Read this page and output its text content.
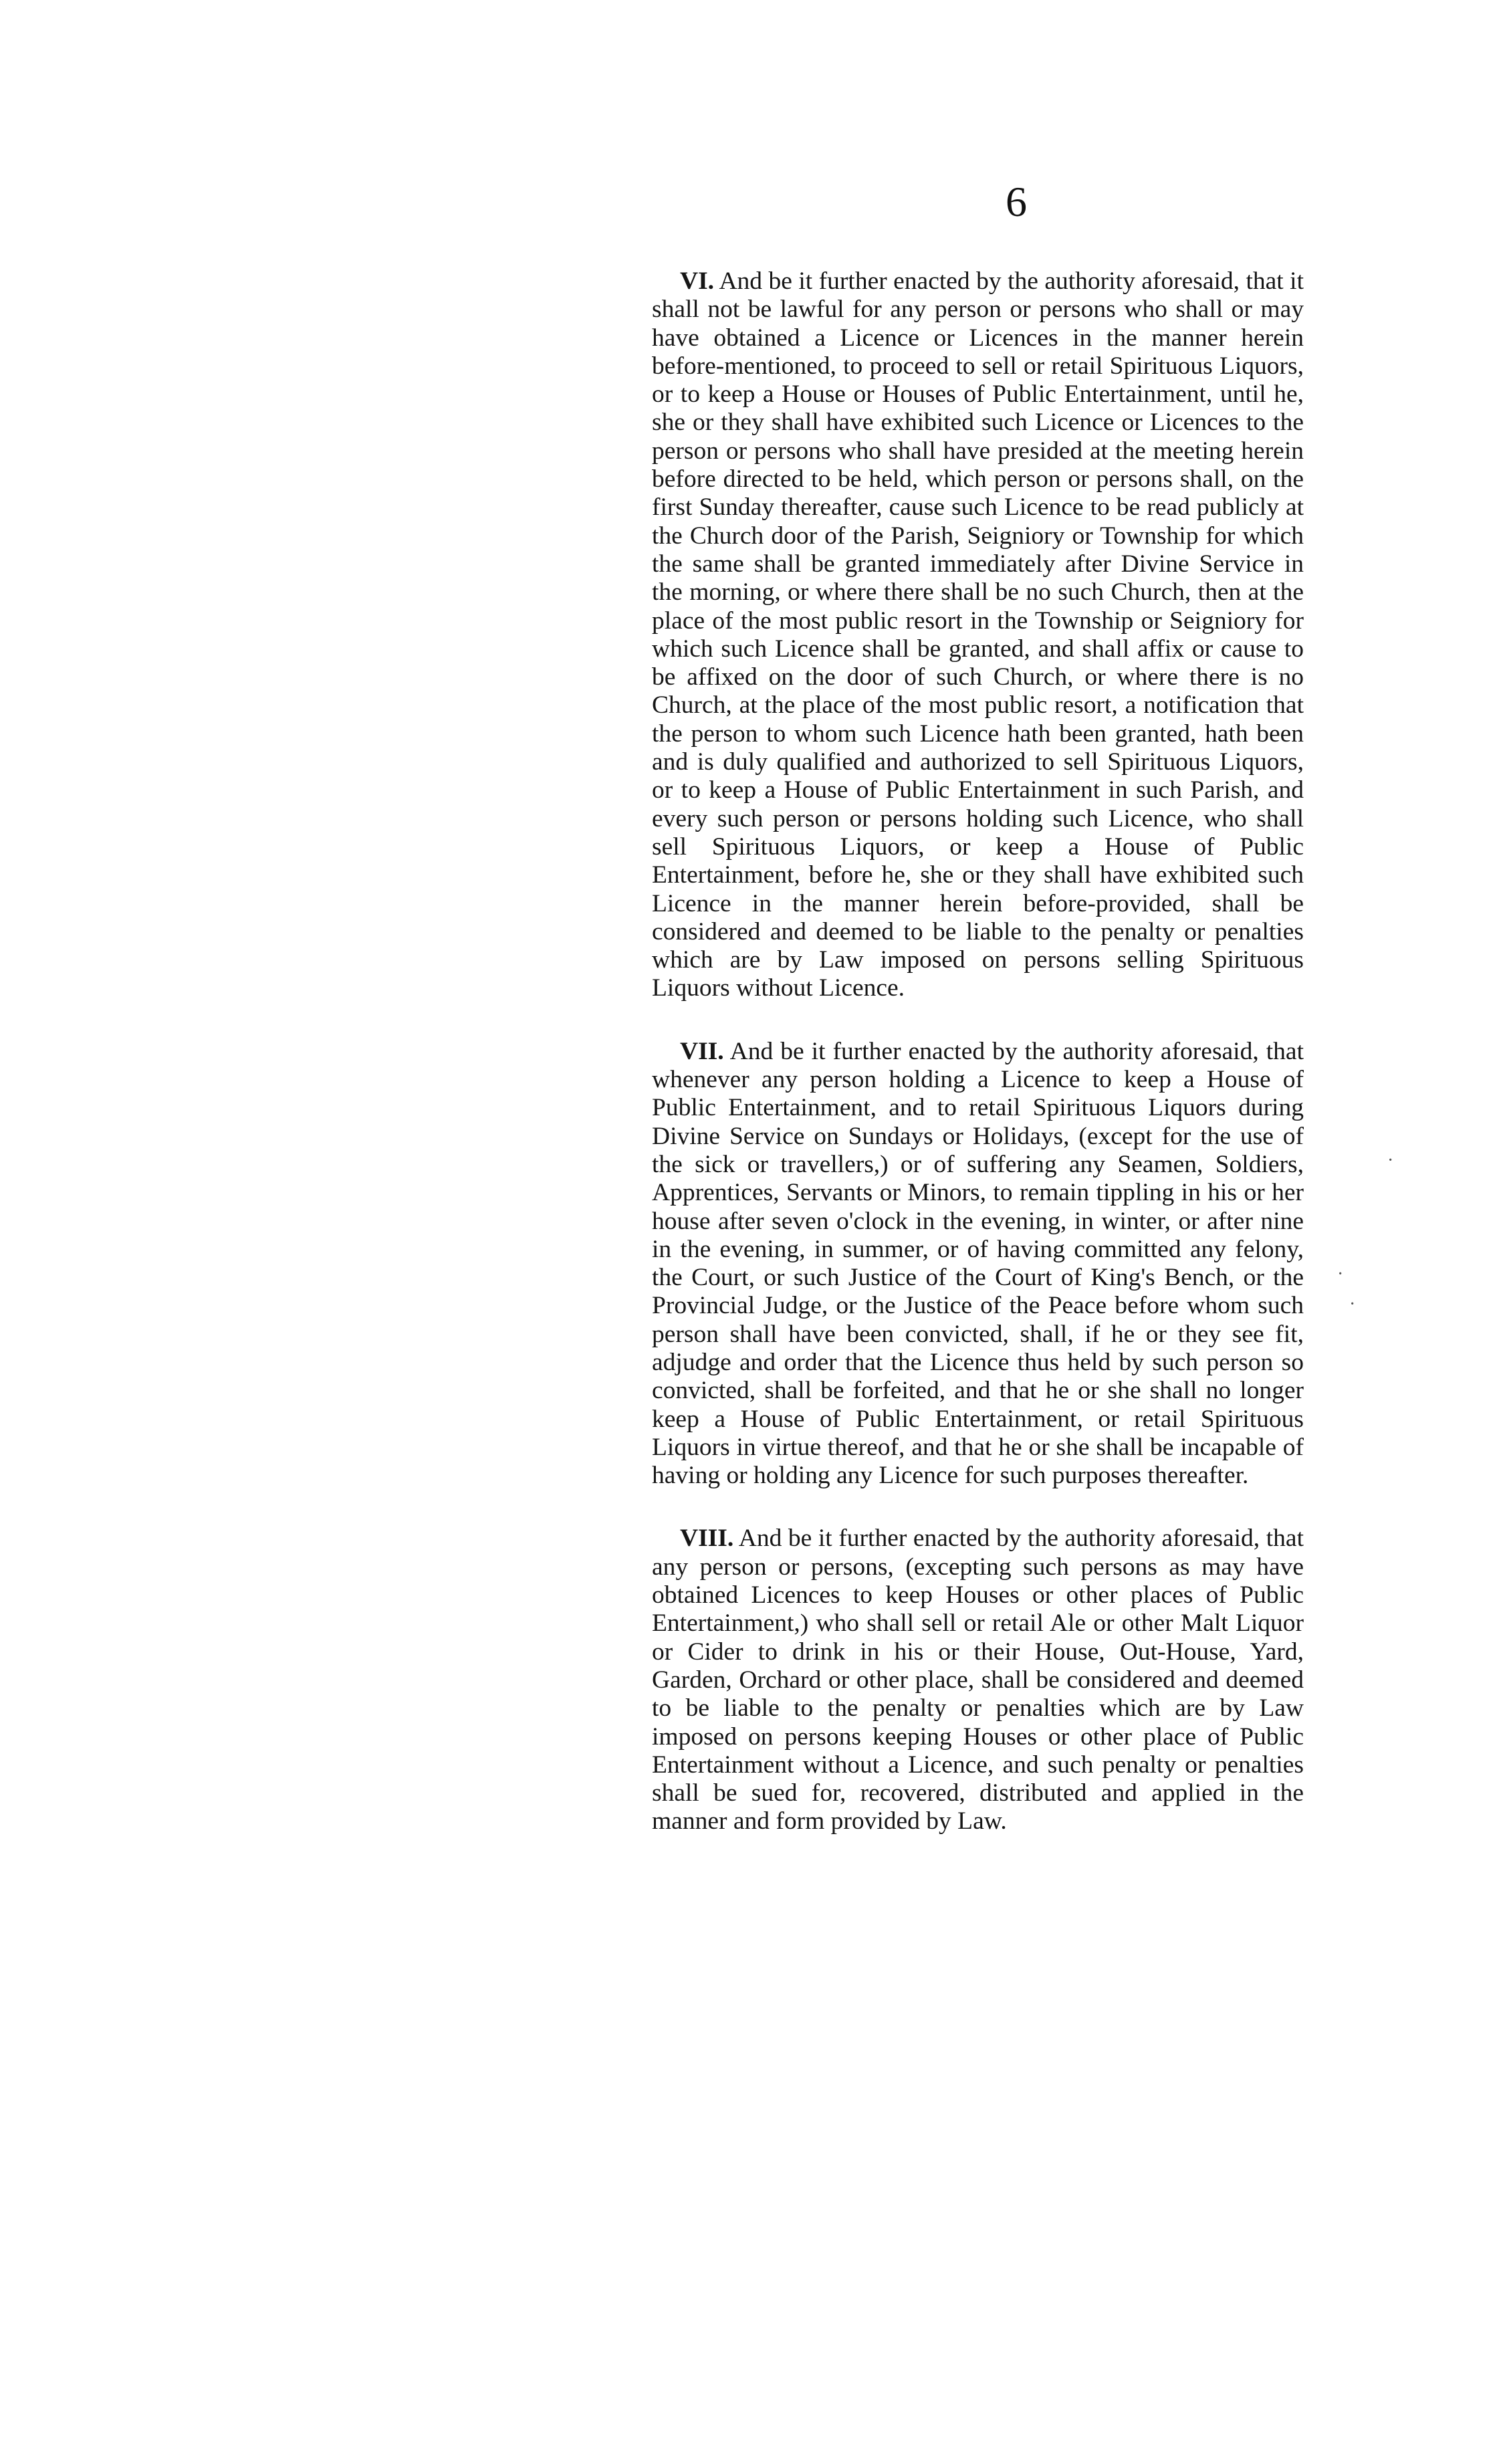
6

VI. And be it further enacted by the authority aforesaid, that it shall not be lawful for any person or persons who shall or may have obtained a Licence or Licences in the manner herein before-mentioned, to proceed to sell or retail Spirituous Liquors, or to keep a House or Houses of Public Entertainment, until he, she or they shall have exhibited such Licence or Licences to the person or persons who shall have presided at the meeting herein before directed to be held, which person or persons shall, on the first Sunday thereafter, cause such Licence to be read publicly at the Church door of the Parish, Seigniory or Township for which the same shall be granted immediately after Divine Service in the morning, or where there shall be no such Church, then at the place of the most public resort in the Township or Seigniory for which such Licence shall be granted, and shall affix or cause to be affixed on the door of such Church, or where there is no Church, at the place of the most public resort, a notification that the person to whom such Licence hath been granted, hath been and is duly qualified and authorized to sell Spirituous Liquors, or to keep a House of Public Entertainment in such Parish, and every such person or persons holding such Licence, who shall sell Spirituous Liquors, or keep a House of Public Entertainment, before he, she or they shall have exhibited such Licence in the manner herein before-provided, shall be considered and deemed to be liable to the penalty or penalties which are by Law imposed on persons selling Spirituous Liquors without Licence.

VII. And be it further enacted by the authority aforesaid, that whenever any person holding a Licence to keep a House of Public Entertainment, and to retail Spirituous Liquors during Divine Service on Sundays or Holidays, (except for the use of the sick or travellers,) or of suffering any Seamen, Soldiers, Apprentices, Servants or Minors, to remain tippling in his or her house after seven o'clock in the evening, in winter, or after nine in the evening, in summer, or of having committed any felony, the Court, or such Justice of the Court of King's Bench, or the Provincial Judge, or the Justice of the Peace before whom such person shall have been convicted, shall, if he or they see fit, adjudge and order that the Licence thus held by such person so convicted, shall be forfeited, and that he or she shall no longer keep a House of Public Entertainment, or retail Spirituous Liquors in virtue thereof, and that he or she shall be incapable of having or holding any Licence for such purposes thereafter.

VIII. And be it further enacted by the authority aforesaid, that any person or persons, (excepting such persons as may have obtained Licences to keep Houses or other places of Public Entertainment,) who shall sell or retail Ale or other Malt Liquor or Cider to drink in his or their House, Out-House, Yard, Garden, Orchard or other place, shall be considered and deemed to be liable to the penalty or penalties which are by Law imposed on persons keeping Houses or other place of Public Entertainment without a Licence, and such penalty or penalties shall be sued for, recovered, distributed and applied in the manner and form provided by Law.

·
·
·
